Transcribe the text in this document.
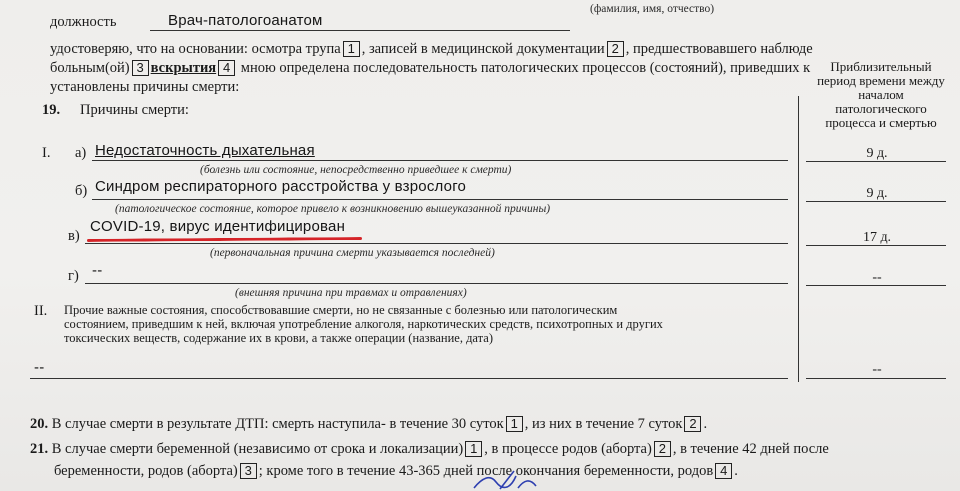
(фамилия, имя, отчество)
должность	Врач-патологоанатом
удостоверяю, что на основании: осмотра трупа 1 , записей в медицинской документации 2 , предшествовавшего наблюде
больным(ой) 3 вскрытия 4 мною определена последовательность патологических процессов (состояний), приведших к
установлены причины смерти:
Приблизительный
период времени между
началом
патологического
процесса и смертью
19. Причины смерти:
I. а) Недостаточность дыхательная
(болезнь или состояние, непосредственно приведшее к смерти)
9 д.
б) Синдром респираторного расстройства у взрослого
(патологическое состояние, которое привело к возникновению вышеуказанной причины)
9 д.
в)
COVID-19, вирус идентифицирован
(первоначальная причина смерти указывается последней)
17 д.
г) --
(внешняя причина при травмах и отравлениях)
--
II. Прочие важные состояния, способствовавшие смерти, но не связанные с болезнью или патологическим
состоянием, приведшим к ней, включая употребление алкоголя, наркотических средств, психотропных и других
токсических веществ, содержание их в крови, а также операции (название, дата)
--	--
20. В случае смерти в результате ДТП: смерть наступила- в течение 30 суток 1 , из них в течение 7 суток 2 .
21. В случае смерти беременной (независимо от срока и локализации) 1 , в процессе родов (аборта) 2 , в течение 42 дней после
беременности, родов (аборта) 3 ; кроме того в течение 43-365 дней после окончания беременности, родов 4 .
